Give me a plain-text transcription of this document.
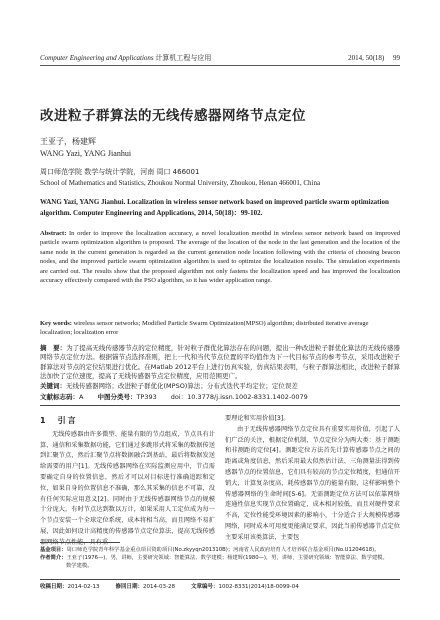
Computer Engineering and Applications 计算机工程与应用	2014, 50(18) 99
改进粒子群算法的无线传感器网络节点定位
王亚子，杨建辉
WANG Yazi, YANG Jianhui
周口师范学院 数学与统计学院，河南 周口 466001
School of Mathematics and Statistics, Zhoukou Normal University, Zhoukou, Henan 466001, China
WANG Yazi, YANG Jianhui. Localization in wireless sensor network based on improved particle swarm optimization algorithm. Computer Engineering and Applications, 2014, 50(18)：99-102.
Abstract: In order to improve the localization accuracy, a novel localization meothd in wireless sensor network based on improved particle swarm optimization algorithm is proposed. The average of the location of the node in the last generation and the location of the same node in the current generation is regarded as the current generation node location following with the criteria of choosing beacon nodes, and the improved particle swarm optimization algorithm is used to optimize the localization results. The simulation experiments are carried out. The results show that the proposed algorithm not only fastens the localization speed and has improved the localization accuracy effectively compared with the PSO algorithm, so it has wider application range.
Key words: wireless sensor networks; Modified Particle Swarm Optimization(MPSO) algorithm; distributed iterative average localization; localization error
摘　要：为了提高无线传感器节点的定位精度，针对粒子群优化算法存在的问题，提出一种改进粒子群优化算法的无线传感器网络节点定位方法。根据锚节点选择准则，把上一代和当代节点位置的平均值作为下一代目标节点的参考节点，采用改进粒子群算法对节点的定位结果进行优化。在Matlab 2012平台上进行仿真实验，仿真结果表明，与粒子群算法相比，改进粒子群算法加快了定位速度，提高了无线传感器节点定位精度，应用范围更广。
关键词：无线传感器网络；改进粒子群优化(MPSO)算法；分布式迭代平均定位；定位误差
文献标志码：A 中图分类号：TP393 doi：10.3778/j.issn.1002-8331.1402-0079
1　引言

无线传感器由许多微型、能量有限的节点组成，节点具有计算、通信和采集数据功能，它们通过多跳形式将采集的数据传送到汇聚节点，然后汇聚节点将数据融合到基站，最后将数据发送给需要的用户[1]。无线传感器网络在实际监测应用中，节点需要确定自身的位置信息，然后才可以对目标进行准确追踪和定位，如果自身的位置信息不准确，那么其采集的信息不可靠，没有任何实际应用意义[2]。同时由于无线传感器网络节点的规模十分庞大，有时节点达到数以万计，如果采用人工定位成为每一个节点安装一个全球定位系统，成本将相当高，而且网络不易扩展，因此如何设计高精度的传感器节点定位算法，提高无线传感器网络节点性能，具有重

要理论和实用价值[3]。

由于无线传感器网络节点定位具有重要实用价值，引起了人们广泛的关注，根据定位机制，节点定位分为两大类：基于测距和非测距的定位[4]。测距定位方法首先计算传感器节点之间的距离或角度信息，然后采用最大似然估计法、三角测量法得到传感器节点的位置信息，它们具有较高的节点定位精度，但通信开销大，计算复杂度高，耗传感器节点的能量有限，这样影响整个传感器网络的生命时间[5-6]。无需测距定位方法可以依靠网络连通性信息实现节点位置确定，成本相对较低，而且对硬件要求不高，定位性能受环境因素的影响小，十分适合于大规模传感器网络，同时成本可用度更能满足要求，因此当前传感器节点定位主要采用该类算法，主要包

基金项目：周口师范学院青年科学基金重点项目资助项目(No.zkyyqn201310B)；河南省人民政府培育人才培养联合基金项目(No.U1204618)。
作者简介：王亚子(1976—)，男，讲师，主要研究领域：智能算法、数学建模；杨建辉(1980—)，男，讲师，主要研究领域：智能算法、数学建模。
数学建模。
收稿日期：2014-02-13	修回日期：2014-03-28	文章编号：1002-8331(2014)18-0099-04
